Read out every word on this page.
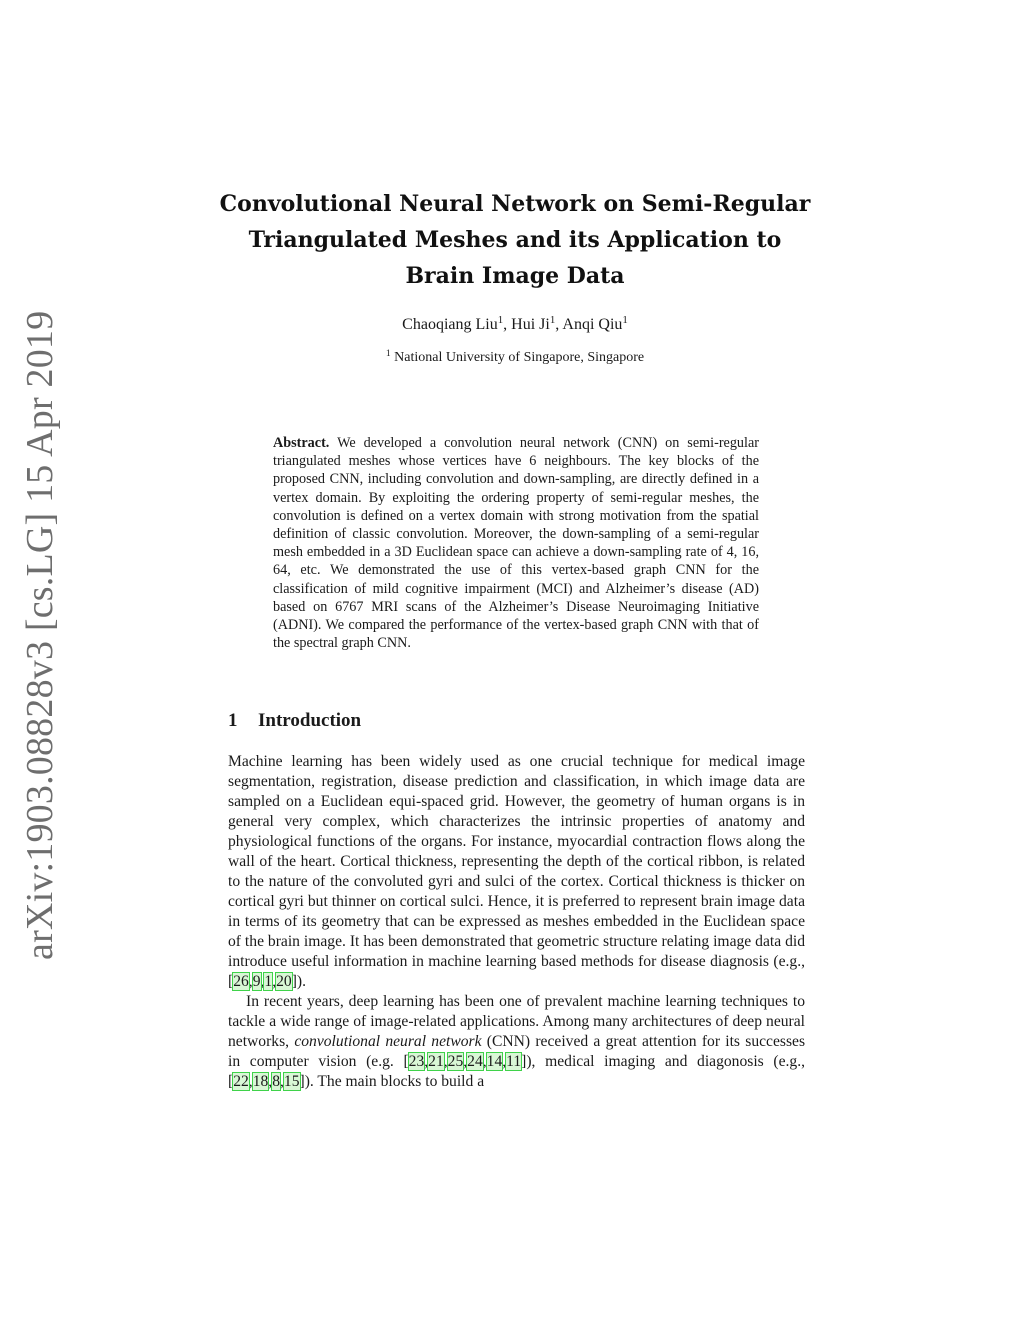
arXiv:1903.08828v3 [cs.LG] 15 Apr 2019
Convolutional Neural Network on Semi-Regular
Triangulated Meshes and its Application to
Brain Image Data
Chaoqiang Liu$^1$, Hui Ji$^1$, Anqi Qiu$^1$
$^1$ National University of Singapore, Singapore
Abstract. We developed a convolution neural network (CNN) on semi-regular triangulated meshes whose vertices have 6 neighbours. The key blocks of the proposed CNN, including convolution and down-sampling, are directly defined in a vertex domain. By exploiting the ordering property of semi-regular meshes, the convolution is defined on a vertex domain with strong motivation from the spatial definition of classic convolution. Moreover, the down-sampling of a semi-regular mesh embedded in a 3D Euclidean space can achieve a down-sampling rate of 4, 16, 64, etc. We demonstrated the use of this vertex-based graph CNN for the classification of mild cognitive impairment (MCI) and Alzheimer’s disease (AD) based on 6767 MRI scans of the Alzheimer’s Disease Neuroimaging Initiative (ADNI). We compared the performance of the vertex-based graph CNN with that of the spectral graph CNN.
1 Introduction

Machine learning has been widely used as one crucial technique for medical image segmentation, registration, disease prediction and classification, in which image data are sampled on a Euclidean equi-spaced grid. However, the geometry of human organs is in general very complex, which characterizes the intrinsic properties of anatomy and physiological functions of the organs. For instance, myocardial contraction flows along the wall of the heart. Cortical thickness, representing the depth of the cortical ribbon, is related to the nature of the convoluted gyri and sulci of the cortex. Cortical thickness is thicker on cortical gyri but thinner on cortical sulci. Hence, it is preferred to represent brain image data in terms of its geometry that can be expressed as meshes embedded in the Euclidean space of the brain image. It has been demonstrated that geometric structure relating image data did introduce useful information in machine learning based methods for disease diagnosis (e.g., [26,9,1,20]).

In recent years, deep learning has been one of prevalent machine learning techniques to tackle a wide range of image-related applications. Among many architectures of deep neural networks, convolutional neural network (CNN) received a great attention for its successes in computer vision (e.g. [23,21,25,24,14,11]), medical imaging and diagonosis (e.g., [22,18,8,15]). The main blocks to build a
